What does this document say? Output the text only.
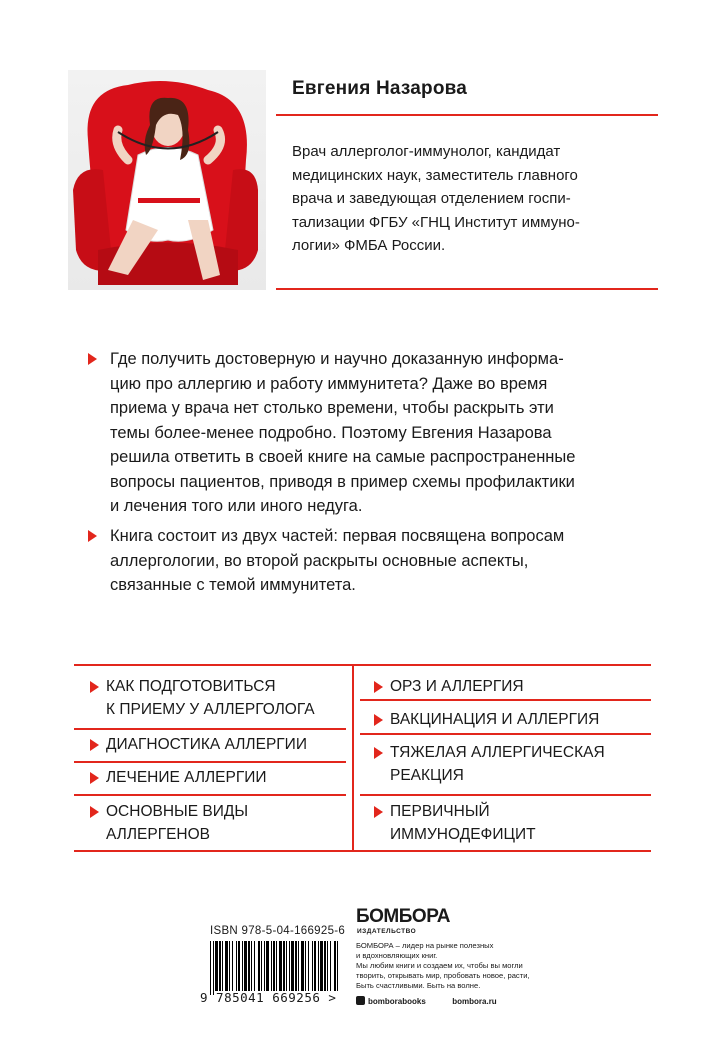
Евгения Назарова
Врач аллерголог-иммунолог, кандидат
медицинских наук, заместитель главного
врача и заведующая отделением госпи-
тализации ФГБУ «ГНЦ Институт иммуно-
логии» ФМБА России.
Где получить достоверную и научно доказанную информа-
цию про аллергию и работу иммунитета? Даже во время
приема у врача нет столько времени, чтобы раскрыть эти
темы более-менее подробно. Поэтому Евгения Назарова
решила ответить в своей книге на самые распространенные
вопросы пациентов, приводя в пример схемы профилактики
и лечения того или иного недуга.
Книга состоит из двух частей: первая посвящена вопросам
аллергологии, во второй раскрыты основные аспекты,
связанные с темой иммунитета.
КАК ПОДГОТОВИТЬСЯ
К ПРИЕМУ У АЛЛЕРГОЛОГА
ДИАГНОСТИКА АЛЛЕРГИИ
ЛЕЧЕНИЕ АЛЛЕРГИИ
ОСНОВНЫЕ ВИДЫ
АЛЛЕРГЕНОВ
ОРЗ И АЛЛЕРГИЯ
ВАКЦИНАЦИЯ И АЛЛЕРГИЯ
ТЯЖЕЛАЯ АЛЛЕРГИЧЕСКАЯ
РЕАКЦИЯ
ПЕРВИЧНЫЙ
ИММУНОДЕФИЦИТ
ISBN 978-5-04-166925-6
9 785041 669256 >
БОМБОРА
ИЗДАТЕЛЬСТВО
БОМБОРА – лидер на рынке полезных
и вдохновляющих книг.
Мы любим книги и создаем их, чтобы вы могли
творить, открывать мир, пробовать новое, расти,
Быть счастливыми. Быть на волне.
bomborabooks	bombora.ru
